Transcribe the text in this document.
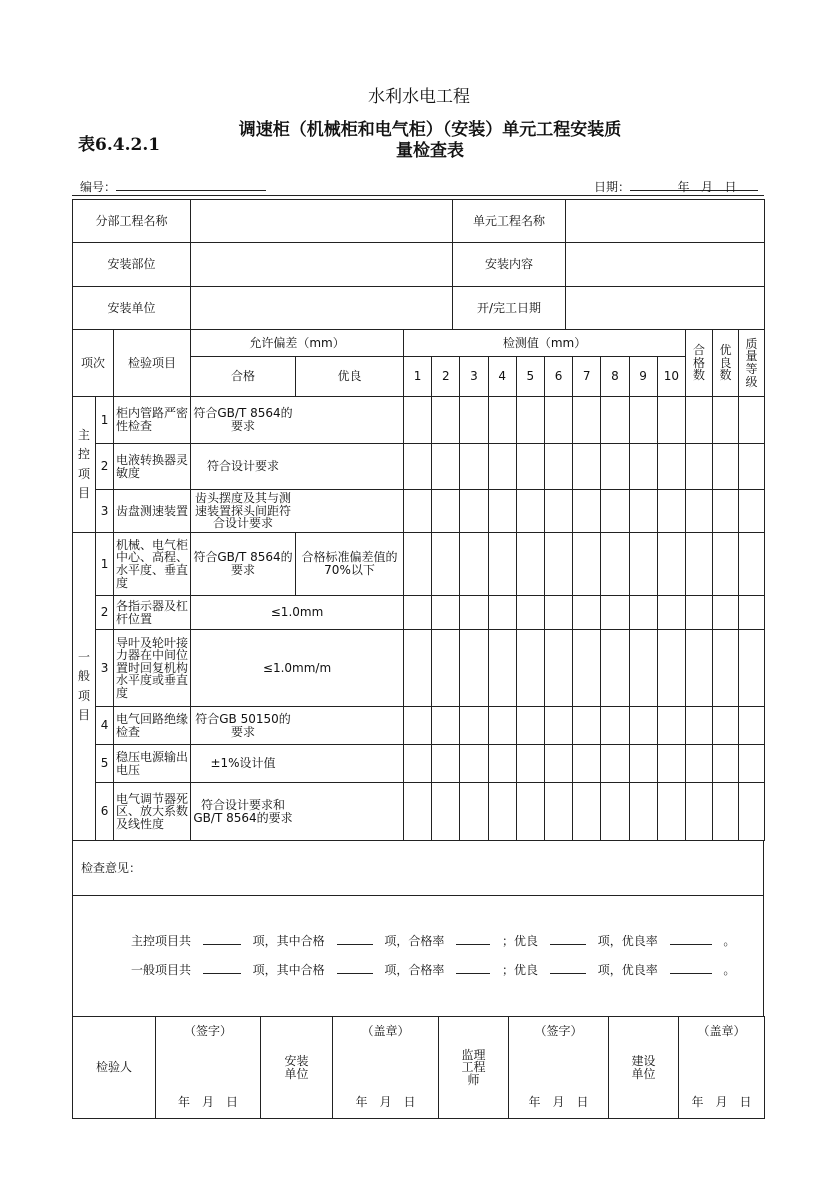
水利水电工程
表6.4.2.1
调速柜（机械柜和电气柜）（安装）单元工程安装质
量检查表
编号：	日期：	年 月 日
分部工程名称		单元工程名称	
安装部位		安装内容	
安装单位		开/完工日期	
项次		检验项目	允许偏差（mm）		检测值（mm）										合格数	优良数	质量等级

			合格	优良	1	2	3	4	5	6	7	8	9	10			

主控项目	1	柜内管路严密性检查	符合GB/T 8564的要求														

	2	电液转换器灵敏度	符合设计要求														

	3	齿盘测速装置	齿头摆度及其与测速装置探头间距符合设计要求														

一般项目	1	机械、电气柜中心、高程、水平度、垂直度	符合GB/T 8564的要求	合格标准偏差值的70%以下													
	2	各指示器及杠杆位置	≤1.0mm														

	3	导叶及轮叶接力器在中间位置时回复机构水平度或垂直度	≤1.0mm/m														

	4	电气回路绝缘检查	符合GB 50150的要求														

	5	稳压电源输出电压	±1%设计值														

	6	电气调节器死区、放大系数及线性度	符合设计要求和GB/T 8564的要求														

检查意见：

主控项目共	项，其中合格	项，合格率	；优良	项，优良率	。
一般项目共	项，其中合格	项，合格率	；优良	项，优良率	。
检验人

（签字）
年　月　日

安装单位

（盖章）
年　月　日

监理工程师

（签字）
年　月　日

建设单位

（盖章）
年　月　日
